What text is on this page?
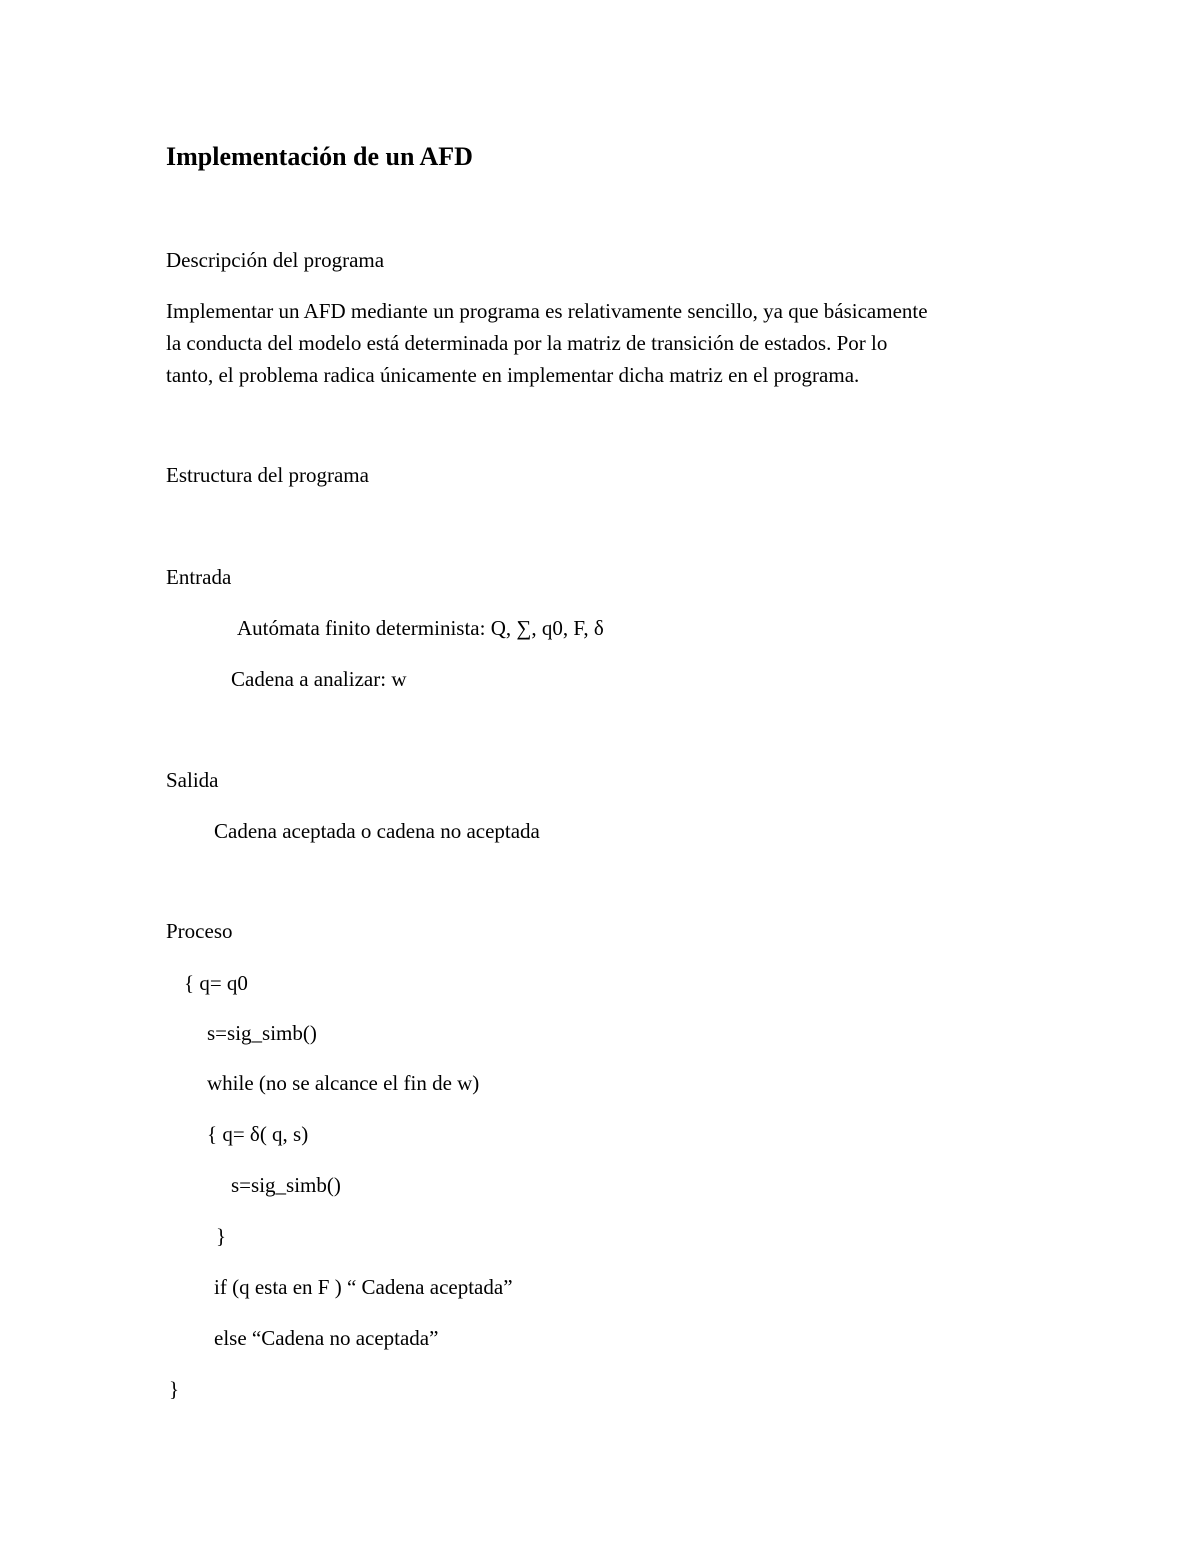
Implementación de un AFD
Descripción del programa
Implementar un AFD mediante un programa es relativamente sencillo, ya que básicamente
la conducta del modelo está determinada por la matriz de transición de estados. Por lo
tanto, el problema radica únicamente en implementar dicha matriz en el programa.
Estructura del programa
Entrada
Autómata finito determinista: Q, ∑, q0, F, δ
Cadena a analizar: w
Salida
Cadena aceptada o cadena no aceptada
Proceso
{ q= q0
s=sig_simb()
while (no se alcance el fin de w)
{ q= δ( q, s)
s=sig_simb()
}
if (q esta en F ) “ Cadena aceptada”
else “Cadena no aceptada”
}
